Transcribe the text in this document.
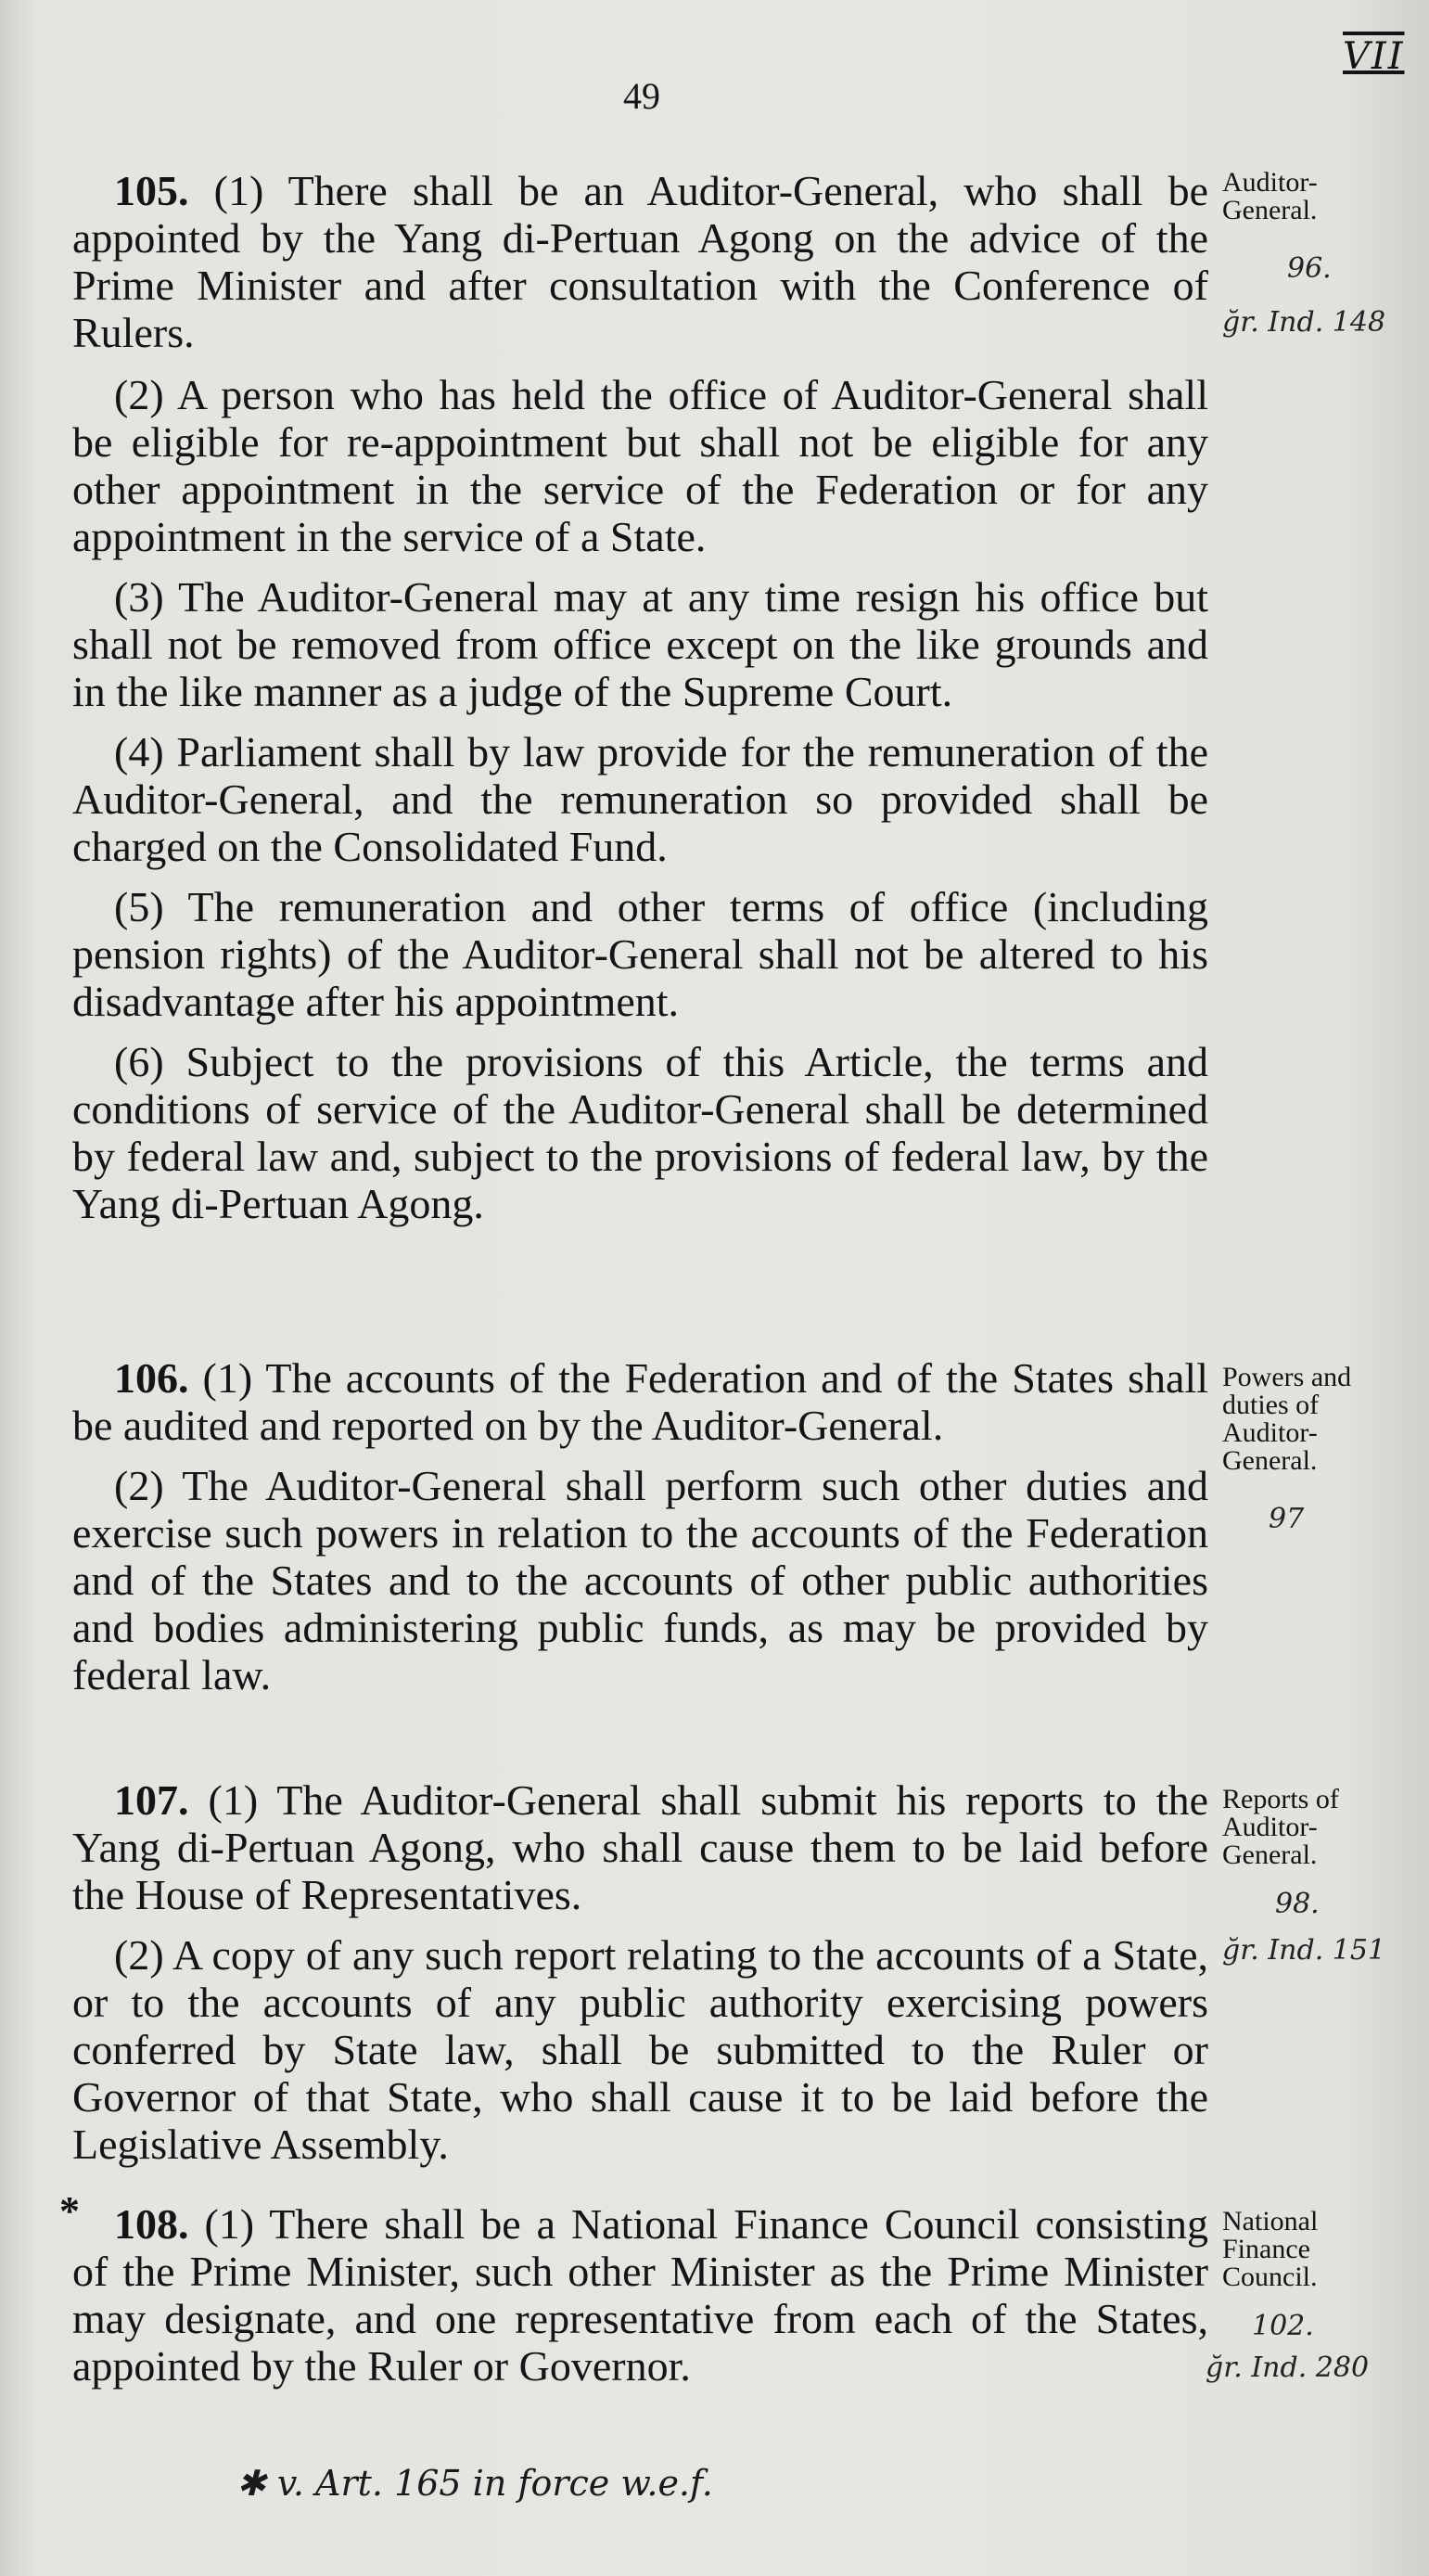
49
VII

105. (1) There shall be an Auditor-General, who shall be appointed by the Yang di-Pertuan Agong on the advice of the Prime Minister and after consultation with the Conference of Rulers.

(2) A person who has held the office of Auditor-General shall be eligible for re-appointment but shall not be eligible for any other appointment in the service of the Federation or for any appointment in the service of a State.

(3) The Auditor-General may at any time resign his office but shall not be removed from office except on the like grounds and in the like manner as a judge of the Supreme Court.

(4) Parliament shall by law provide for the remuneration of the Auditor-General, and the remuneration so provided shall be charged on the Consolidated Fund.

(5) The remuneration and other terms of office (including pension rights) of the Auditor-General shall not be altered to his disadvantage after his appointment.

(6) Subject to the provisions of this Article, the terms and conditions of service of the Auditor-General shall be determined by federal law and, subject to the provisions of federal law, by the Yang di-Pertuan Agong.

Auditor-General.
96.
ğr. Ind. 148

106. (1) The accounts of the Federation and of the States shall be audited and reported on by the Auditor-General.

(2) The Auditor-General shall perform such other duties and exercise such powers in relation to the accounts of the Federation and of the States and to the accounts of other public authorities and bodies administering public funds, as may be provided by federal law.

Powers and duties of Auditor-General.
97

107. (1) The Auditor-General shall submit his reports to the Yang di-Pertuan Agong, who shall cause them to be laid before the House of Representatives.

(2) A copy of any such report relating to the accounts of a State, or to the accounts of any public authority exercising powers conferred by State law, shall be submitted to the Ruler or Governor of that State, who shall cause it to be laid before the Legislative Assembly.

Reports of Auditor-General.
98.
ğr. Ind. 151
* 108. (1) There shall be a National Finance Council consisting of the Prime Minister, such other Minister as the Prime Minister may designate, and one representative from each of the States, appointed by the Ruler or Governor.

National Finance Council.
102.
ğr. Ind. 280
✱ v. Art. 165 in force w.e.f.
